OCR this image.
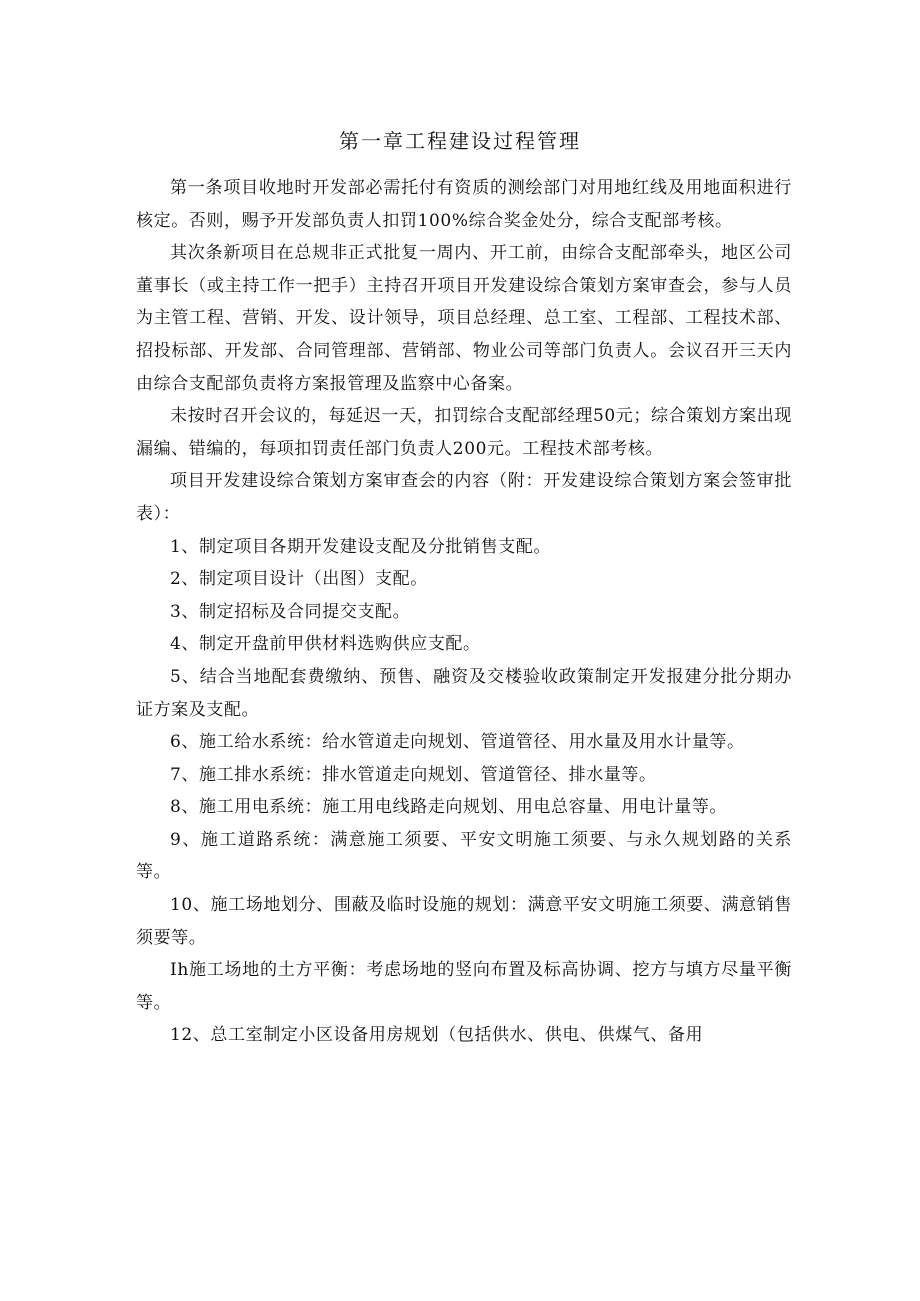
第一章工程建设过程管理

第一条项目收地时开发部必需托付有资质的测绘部门对用地红线及用地面积进行核定。否则，赐予开发部负责人扣罚100%综合奖金处分，综合支配部考核。

其次条新项目在总规非正式批复一周内、开工前，由综合支配部牵头，地区公司董事长（或主持工作一把手）主持召开项目开发建设综合策划方案审查会，参与人员为主管工程、营销、开发、设计领导，项目总经理、总工室、工程部、工程技术部、招投标部、开发部、合同管理部、营销部、物业公司等部门负责人。会议召开三天内由综合支配部负责将方案报管理及监察中心备案。

未按时召开会议的，每延迟一天，扣罚综合支配部经理50元；综合策划方案出现漏编、错编的，每项扣罚责任部门负责人200元。工程技术部考核。

项目开发建设综合策划方案审查会的内容（附：开发建设综合策划方案会签审批表）：

1、制定项目各期开发建设支配及分批销售支配。

2、制定项目设计（出图）支配。

3、制定招标及合同提交支配。

4、制定开盘前甲供材料选购供应支配。

5、结合当地配套费缴纳、预售、融资及交楼验收政策制定开发报建分批分期办证方案及支配。

6、施工给水系统：给水管道走向规划、管道管径、用水量及用水计量等。

7、施工排水系统：排水管道走向规划、管道管径、排水量等。

8、施工用电系统：施工用电线路走向规划、用电总容量、用电计量等。

9、施工道路系统：满意施工须要、平安文明施工须要、与永久规划路的关系等。

10、施工场地划分、围蔽及临时设施的规划：满意平安文明施工须要、满意销售须要等。

Ih施工场地的土方平衡：考虑场地的竖向布置及标高协调、挖方与填方尽量平衡等。

12、总工室制定小区设备用房规划（包括供水、供电、供煤气、备用
